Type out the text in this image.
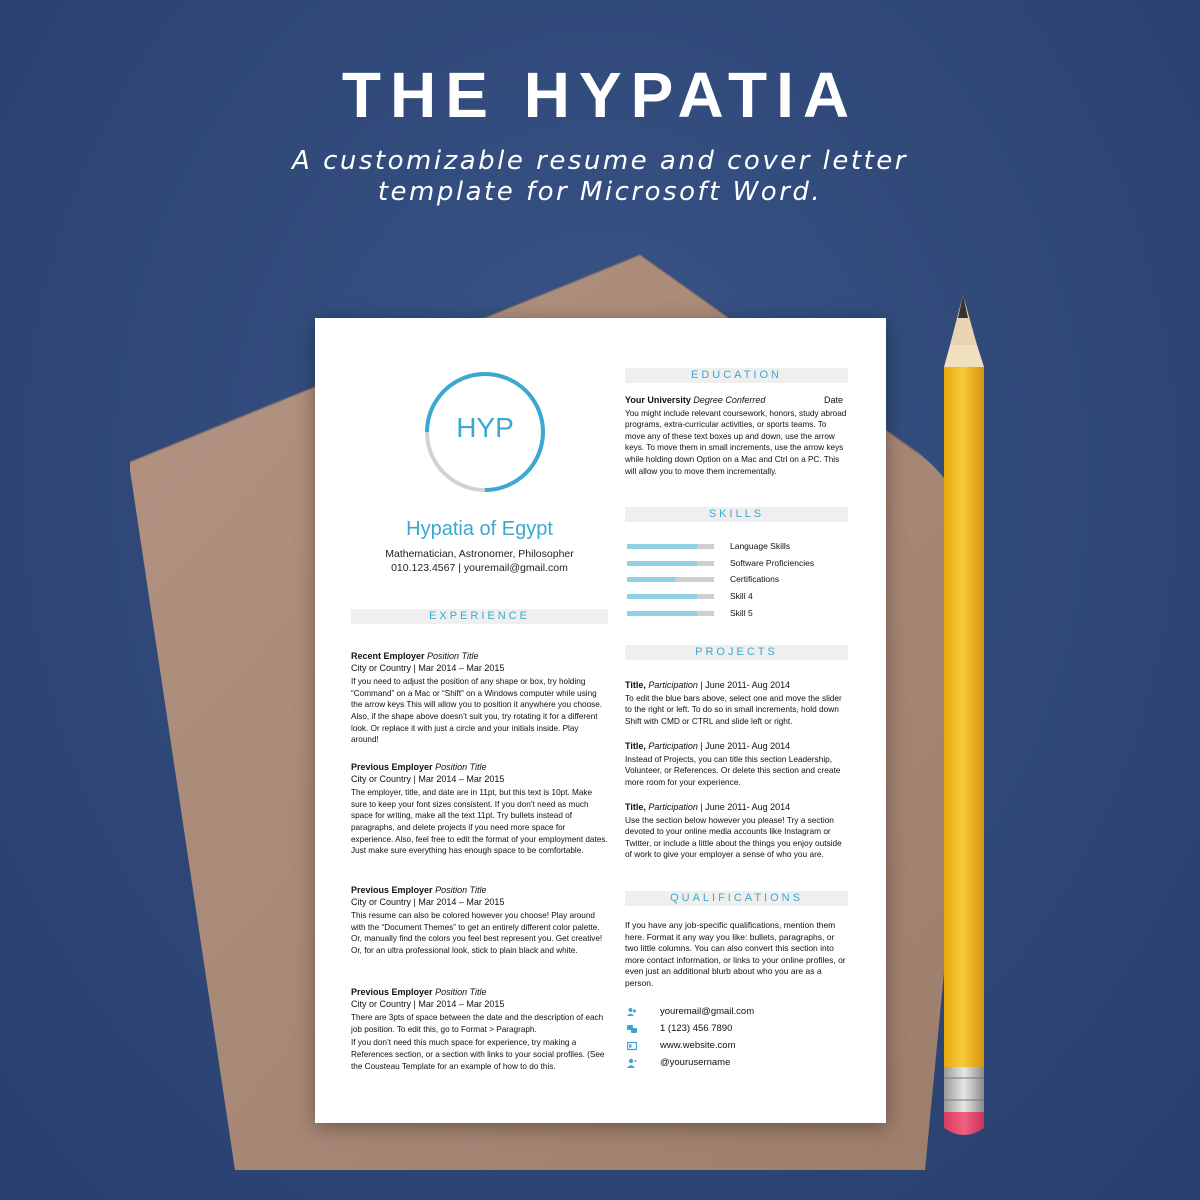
THE HYPATIA
A customizable resume and cover letter
template for Microsoft Word.
HYP
Hypatia of Egypt
Mathematician, Astronomer, Philosopher
010.123.4567 | youremail@gmail.com
EXPERIENCE
Recent Employer Position Title
City or Country | Mar 2014 – Mar 2015

If you need to adjust the position of any shape or box, try holding “Command” on a Mac or “Shift” on a Windows computer while using the arrow keys This will allow you to position it anywhere you choose. Also, if the shape above doesn’t suit you, try rotating it for a different look. Or replace it with just a circle and your initials inside. Play around!

Previous Employer Position Title
City or Country | Mar 2014 – Mar 2015

The employer, title, and date are in 11pt, but this text is 10pt. Make sure to keep your font sizes consistent. If you don’t need as much space for writing, make all the text 11pt. Try bullets instead of paragraphs, and delete projects if you need more space for experience. Also, feel free to edit the format of your employment dates. Just make sure everything has enough space to be comfortable.

Previous Employer Position Title
City or Country | Mar 2014 – Mar 2015

This resume can also be colored however you choose! Play around with the “Document Themes” to get an entirely different color palette. Or, manually find the colors you feel best represent you. Get creative! Or, for an ultra professional look, stick to plain black and white.

Previous Employer Position Title
City or Country | Mar 2014 – Mar 2015

There are 3pts of space between the date and the description of each job position. To edit this, go to Format > Paragraph.

If you don’t need this much space for experience, try making a References section, or a section with links to your social profiles. (See the Cousteau Template for an example of how to do this.

EDUCATION
Your University Degree Conferred	Date

You might include relevant coursework, honors, study abroad programs, extra-curricular activities, or sports teams. To move any of these text boxes up and down, use the arrow keys. To move them in small increments, use the arrow keys while holding down Option on a Mac and Ctrl on a PC. This will allow you to move them incrementally.

SKILLS
Language Skills
Software Proficiencies
Certifications
Skill 4
Skill 5
PROJECTS
Title, Participation | June 2011- Aug 2014

To edit the blue bars above, select one and move the slider to the right or left. To do so in small increments, hold down Shift with CMD or CTRL and slide left or right.

Title, Participation | June 2011- Aug 2014

Instead of Projects, you can title this section Leadership, Volunteer, or References. Or delete this section and create more room for your experience.

Title, Participation | June 2011- Aug 2014

Use the section below however you please! Try a section devoted to your online media accounts like Instagram or Twitter, or include a little about the things you enjoy outside of work to give your employer a sense of who you are.

QUALIFICATIONS
If you have any job-specific qualifications, mention them here. Format it any way you like: bullets, paragraphs, or two little columns. You can also convert this section into more contact information, or links to your online profiles, or even just an additional blurb about who you are as a person.
youremail@gmail.com
1 (123) 456 7890
www.website.com
@yourusername
